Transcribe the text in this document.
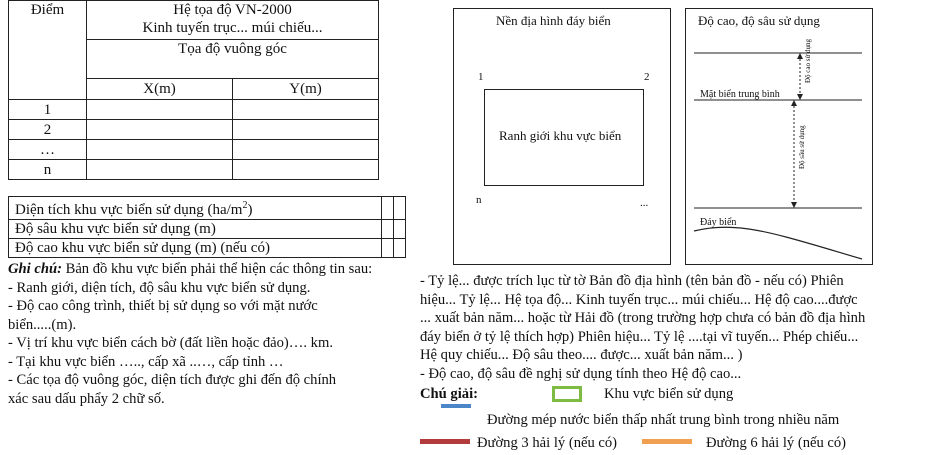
Điểm	Hệ tọa độ VN-2000
Kinh tuyến trục... múi chiếu...	

	Tọa độ vuông góc	
	X(m)	Y(m)
1		
2		
…		
n		
Diện tích khu vực biển sử dụng $(ha/m^2)$		
Độ sâu khu vực biển sử dụng (m)		
Độ cao khu vực biển sử dụng (m) (nếu có)		
Ghi chú: Bản đồ khu vực biển phải thể hiện các thông tin sau:
- Ranh giới, diện tích, độ sâu khu vực biển sử dụng.
- Độ cao công trình, thiết bị sử dụng so với mặt nước
biển.....(m).
- Vị trí khu vực biển cách bờ (đất liền hoặc đảo)…. km.
- Tại khu vực biển ….., cấp xã ..…, cấp tỉnh …
- Các tọa độ vuông góc, diện tích được ghi đến độ chính
xác sau dấu phẩy 2 chữ số.
Nền địa hình đáy biển
1	2
Ranh giới khu vực biển
n	...
Độ cao, độ sâu sử dụng
Mặt biển trung bình
Độ cao sử dụng
Độ sâu sử dụng
Đáy biển
- Tỷ lệ... được trích lục từ tờ Bản đồ địa hình (tên bản đồ - nếu có) Phiên
hiệu... Tỷ lệ... Hệ tọa độ... Kinh tuyến trục... múi chiếu... Hệ độ cao....được
... xuất bản năm... hoặc từ Hải đồ (trong trường hợp chưa có bản đồ địa hình
đáy biển ở tỷ lệ thích hợp) Phiên hiệu... Tỷ lệ ....tại vĩ tuyến... Phép chiếu...
Hệ quy chiếu... Độ sâu theo.... được... xuất bản năm... )
- Độ cao, độ sâu đề nghị sử dụng tính theo Hệ độ cao...
Chú giải:	Khu vực biển sử dụng
Đường mép nước biển thấp nhất trung bình trong nhiều năm
Đường 3 hải lý (nếu có)	Đường 6 hải lý (nếu có)
